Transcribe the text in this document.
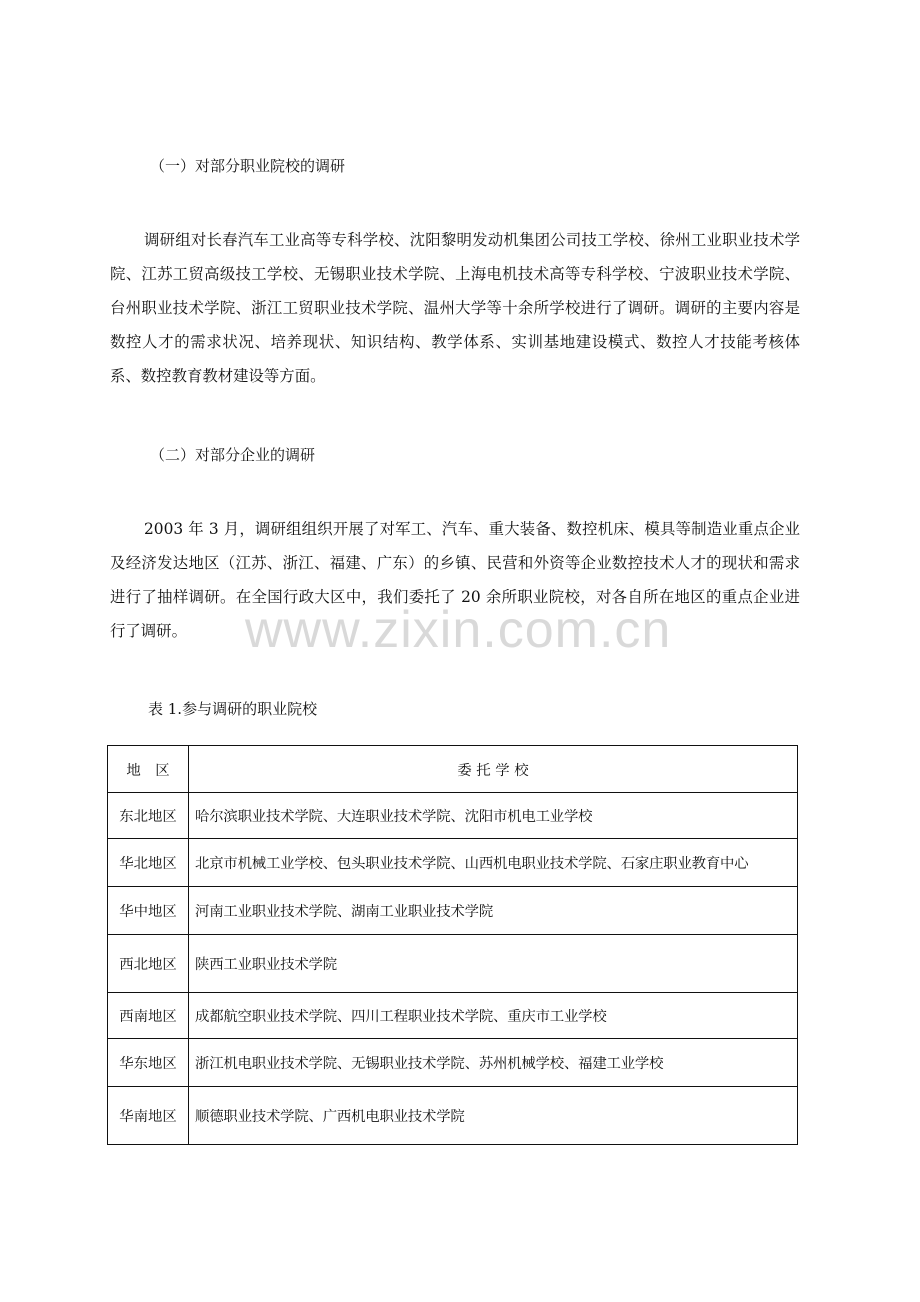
（一）对部分职业院校的调研

调研组对长春汽车工业高等专科学校、沈阳黎明发动机集团公司技工学校、徐州工业职业技术学院、江苏工贸高级技工学校、无锡职业技术学院、上海电机技术高等专科学校、宁波职业技术学院、台州职业技术学院、浙江工贸职业技术学院、温州大学等十余所学校进行了调研。调研的主要内容是数控人才的需求状况、培养现状、知识结构、教学体系、实训基地建设模式、数控人才技能考核体系、数控教育教材建设等方面。

（二）对部分企业的调研

2003 年 3 月，调研组组织开展了对军工、汽车、重大装备、数控机床、模具等制造业重点企业及经济发达地区（江苏、浙江、福建、广东）的乡镇、民营和外资等企业数控技术人才的现状和需求进行了抽样调研。在全国行政大区中，我们委托了 20 余所职业院校，对各自所在地区的重点企业进行了调研。	www.zixin.com.cn
表 1.参与调研的职业院校
地　区	委 托 学 校
东北地区	哈尔滨职业技术学院、大连职业技术学院、沈阳市机电工业学校
华北地区	北京市机械工业学校、包头职业技术学院、山西机电职业技术学院、石家庄职业教育中心
华中地区	河南工业职业技术学院、湖南工业职业技术学院
西北地区	陕西工业职业技术学院
西南地区	成都航空职业技术学院、四川工程职业技术学院、重庆市工业学校
华东地区	浙江机电职业技术学院、无锡职业技术学院、苏州机械学校、福建工业学校
华南地区	顺德职业技术学院、广西机电职业技术学院
